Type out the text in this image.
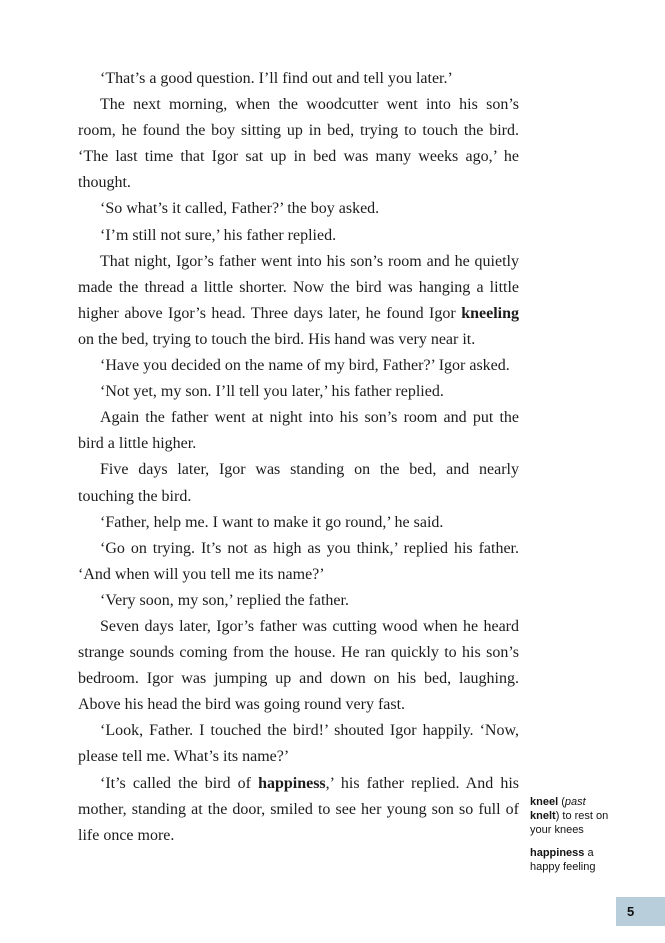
‘That’s a good question. I’ll find out and tell you later.’

The next morning, when the woodcutter went into his son’s room, he found the boy sitting up in bed, trying to touch the bird. ‘The last time that Igor sat up in bed was many weeks ago,’ he thought.

‘So what’s it called, Father?’ the boy asked.

‘I’m still not sure,’ his father replied.

That night, Igor’s father went into his son’s room and he quietly made the thread a little shorter. Now the bird was hanging a little higher above Igor’s head. Three days later, he found Igor kneeling on the bed, trying to touch the bird. His hand was very near it.

‘Have you decided on the name of my bird, Father?’ Igor asked.

‘Not yet, my son. I’ll tell you later,’ his father replied.

Again the father went at night into his son’s room and put the bird a little higher.

Five days later, Igor was standing on the bed, and nearly touching the bird.

‘Father, help me. I want to make it go round,’ he said.

‘Go on trying. It’s not as high as you think,’ replied his father. ‘And when will you tell me its name?’

‘Very soon, my son,’ replied the father.

Seven days later, Igor’s father was cutting wood when he heard strange sounds coming from the house. He ran quickly to his son’s bedroom. Igor was jumping up and down on his bed, laughing. Above his head the bird was going round very fast.

‘Look, Father. I touched the bird!’ shouted Igor happily. ‘Now, please tell me. What’s its name?’

‘It’s called the bird of happiness,’ his father replied. And his mother, standing at the door, smiled to see her young son so full of life once more.

kneel (past knelt) to rest on your knees

happiness a happy feeling

5
